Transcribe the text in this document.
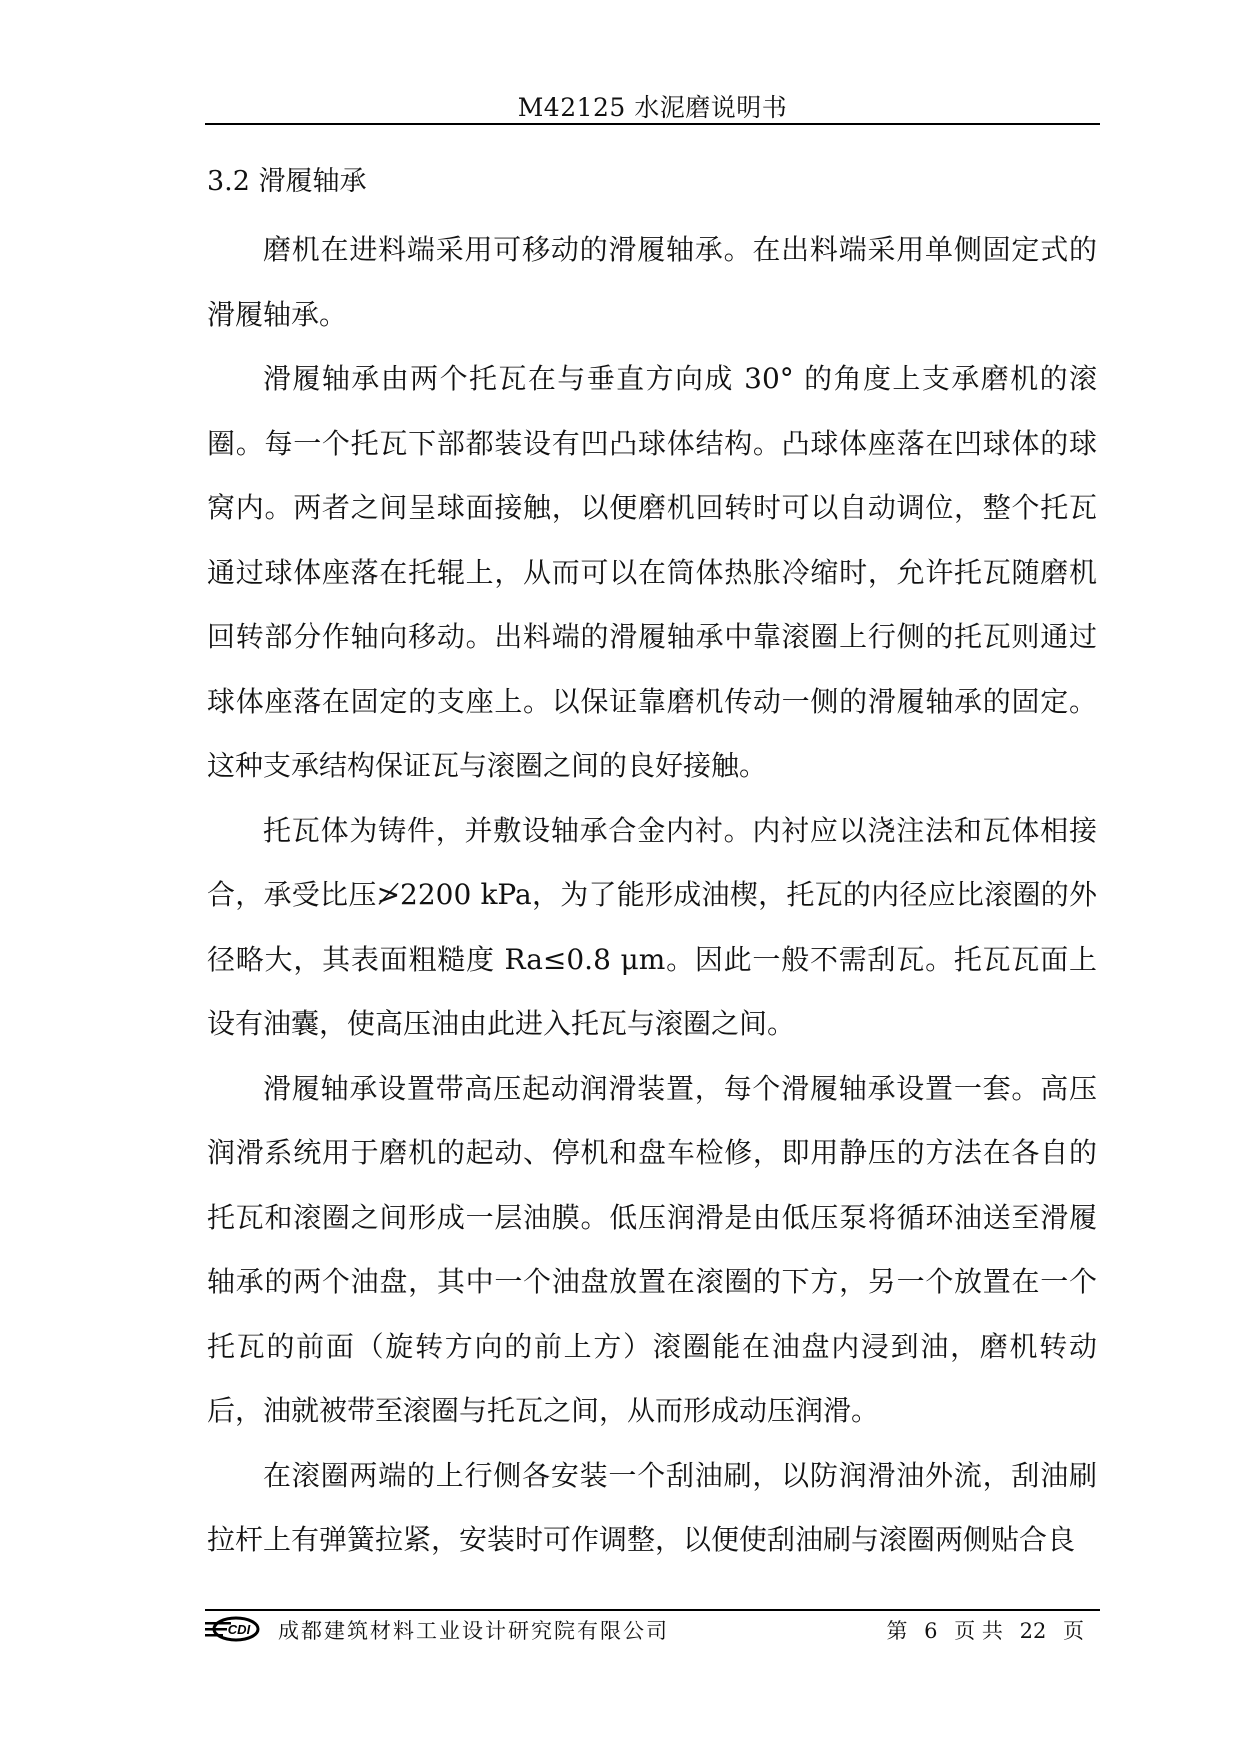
M42125 水泥磨说明书
3.2 滑履轴承

磨机在进料端采用可移动的滑履轴承。在出料端采用单侧固定式的滑履轴承。

滑履轴承由两个托瓦在与垂直方向成 30° 的角度上支承磨机的滚圈。每一个托瓦下部都装设有凹凸球体结构。凸球体座落在凹球体的球窝内。两者之间呈球面接触，以便磨机回转时可以自动调位，整个托瓦通过球体座落在托辊上，从而可以在筒体热胀冷缩时，允许托瓦随磨机回转部分作轴向移动。出料端的滑履轴承中靠滚圈上行侧的托瓦则通过球体座落在固定的支座上。以保证靠磨机传动一侧的滑履轴承的固定。这种支承结构保证瓦与滚圈之间的良好接触。

托瓦体为铸件，并敷设轴承合金内衬。内衬应以浇注法和瓦体相接合，承受比压≯2200 kPa，为了能形成油楔，托瓦的内径应比滚圈的外径略大，其表面粗糙度 Ra≤0.8 μm。因此一般不需刮瓦。托瓦瓦面上设有油囊，使高压油由此进入托瓦与滚圈之间。

滑履轴承设置带高压起动润滑装置，每个滑履轴承设置一套。高压润滑系统用于磨机的起动、停机和盘车检修，即用静压的方法在各自的托瓦和滚圈之间形成一层油膜。低压润滑是由低压泵将循环油送至滑履轴承的两个油盘，其中一个油盘放置在滚圈的下方，另一个放置在一个托瓦的前面（旋转方向的前上方）滚圈能在油盘内浸到油，磨机转动后，油就被带至滚圈与托瓦之间，从而形成动压润滑。

在滚圈两端的上行侧各安装一个刮油刷，以防润滑油外流，刮油刷拉杆上有弹簧拉紧，安装时可作调整，以便使刮油刷与滚圈两侧贴合良

CDI 成都建筑材料工业设计研究院有限公司	第 6 页 共 22 页
